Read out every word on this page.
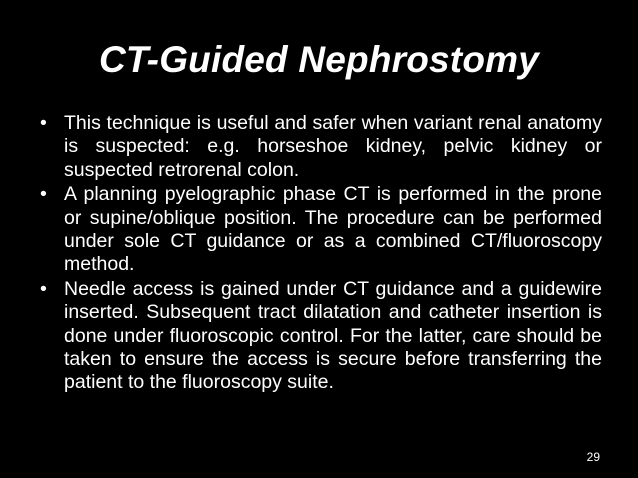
CT-Guided Nephrostomy
• This technique is useful and safer when variant renal anatomy is suspected: e.g. horseshoe kidney, pelvic kidney or suspected retrorenal colon.
• A planning pyelographic phase CT is performed in the prone or supine/oblique position. The procedure can be performed under sole CT guidance or as a combined CT/fluoroscopy method.
• Needle access is gained under CT guidance and a guidewire inserted. Subsequent tract dilatation and catheter insertion is done under fluoroscopic control. For the latter, care should be taken to ensure the access is secure before transferring the patient to the fluoroscopy suite.
29
